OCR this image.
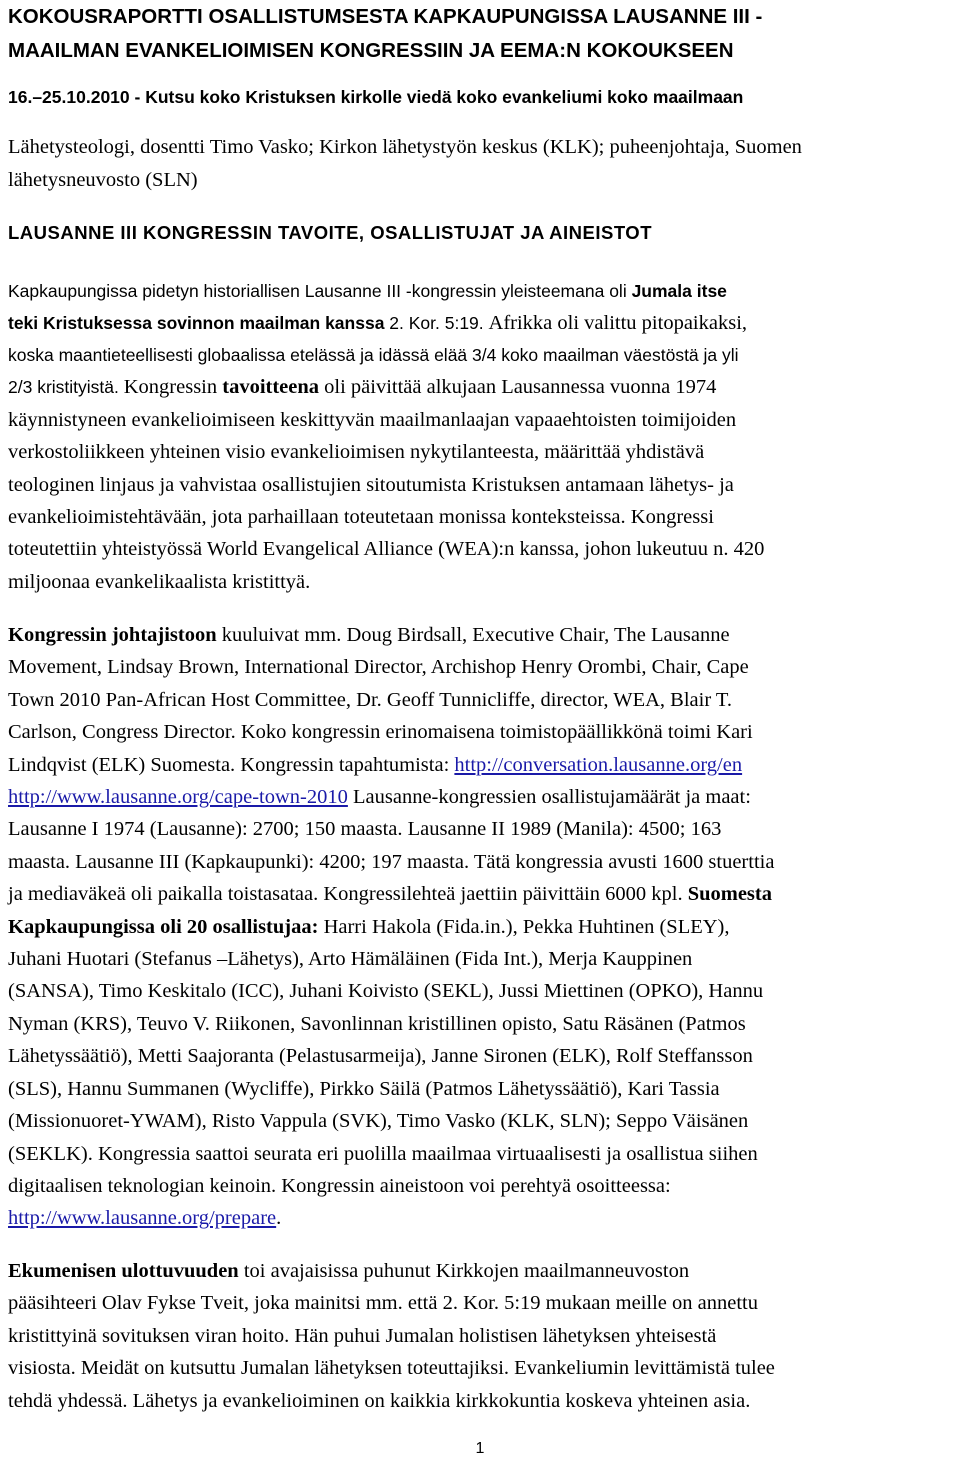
KOKOUSRAPORTTI OSALLISTUMSESTA KAPKAUPUNGISSA LAUSANNE III -
MAAILMAN EVANKELIOIMISEN KONGRESSIIN JA EEMA:N KOKOUKSEEN
16.–25.10.2010 - Kutsu koko Kristuksen kirkolle viedä koko evankeliumi koko maailmaan

Lähetysteologi, dosentti Timo Vasko; Kirkon lähetystyön keskus (KLK); puheenjohtaja, Suomen
lähetysneuvosto (SLN)

LAUSANNE III KONGRESSIN TAVOITE, OSALLISTUJAT JA AINEISTOT
Kapkaupungissa pidetyn historiallisen Lausanne III -kongressin yleisteemana oli Jumala itse
teki Kristuksessa sovinnon maailman kanssa 2. Kor. 5:19. Afrikka oli valittu pitopaikaksi,
koska maantieteellisesti globaalissa etelässä ja idässä elää 3/4 koko maailman väestöstä ja yli
2/3 kristityistä. Kongressin tavoitteena oli päivittää alkujaan Lausannessa vuonna 1974
käynnistyneen evankelioimiseen keskittyvän maailmanlaajan vapaaehtoisten toimijoiden
verkostoliikkeen yhteinen visio evankelioimisen nykytilanteesta, määrittää yhdistävä
teologinen linjaus ja vahvistaa osallistujien sitoutumista Kristuksen antamaan lähetys- ja
evankelioimistehtävään, jota parhaillaan toteutetaan monissa konteksteissa. Kongressi
toteutettiin yhteistyössä World Evangelical Alliance (WEA):n kanssa, johon lukeutuu n. 420
miljoonaa evankelikaalista kristittyä.
Kongressin johtajistoon kuuluivat mm. Doug Birdsall, Executive Chair, The Lausanne
Movement, Lindsay Brown, International Director, Archishop Henry Orombi, Chair, Cape
Town 2010 Pan-African Host Committee, Dr. Geoff Tunnicliffe, director, WEA, Blair T.
Carlson, Congress Director. Koko kongressin erinomaisena toimistopäällikkönä toimi Kari
Lindqvist (ELK) Suomesta. Kongressin tapahtumista: http://conversation.lausanne.org/en
http://www.lausanne.org/cape-town-2010 Lausanne-kongressien osallistujamäärät ja maat:
Lausanne I 1974 (Lausanne): 2700; 150 maasta. Lausanne II 1989 (Manila): 4500; 163
maasta. Lausanne III (Kapkaupunki): 4200; 197 maasta. Tätä kongressia avusti 1600 stuerttia
ja mediaväkeä oli paikalla toistasataa. Kongressilehteä jaettiin päivittäin 6000 kpl. Suomesta
Kapkaupungissa oli 20 osallistujaa: Harri Hakola (Fida.in.), Pekka Huhtinen (SLEY),
Juhani Huotari (Stefanus –Lähetys), Arto Hämäläinen (Fida Int.), Merja Kauppinen
(SANSA), Timo Keskitalo (ICC), Juhani Koivisto (SEKL), Jussi Miettinen (OPKO), Hannu
Nyman (KRS), Teuvo V. Riikonen, Savonlinnan kristillinen opisto, Satu Räsänen (Patmos
Lähetyssäätiö), Metti Saajoranta (Pelastusarmeija), Janne Sironen (ELK), Rolf Steffansson
(SLS), Hannu Summanen (Wycliffe), Pirkko Säilä (Patmos Lähetyssäätiö), Kari Tassia
(Missionuoret-YWAM), Risto Vappula (SVK), Timo Vasko (KLK, SLN); Seppo Väisänen
(SEKLK). Kongressia saattoi seurata eri puolilla maailmaa virtuaalisesti ja osallistua siihen
digitaalisen teknologian keinoin. Kongressin aineistoon voi perehtyä osoitteessa:
http://www.lausanne.org/prepare.
Ekumenisen ulottuvuuden toi avajaisissa puhunut Kirkkojen maailmanneuvoston
pääsihteeri Olav Fykse Tveit, joka mainitsi mm. että 2. Kor. 5:19 mukaan meille on annettu
kristittyinä sovituksen viran hoito. Hän puhui Jumalan holistisen lähetyksen yhteisestä
visiosta. Meidät on kutsuttu Jumalan lähetyksen toteuttajiksi. Evankeliumin levittämistä tulee
tehdä yhdessä. Lähetys ja evankelioiminen on kaikkia kirkkokuntia koskeva yhteinen asia.
1
